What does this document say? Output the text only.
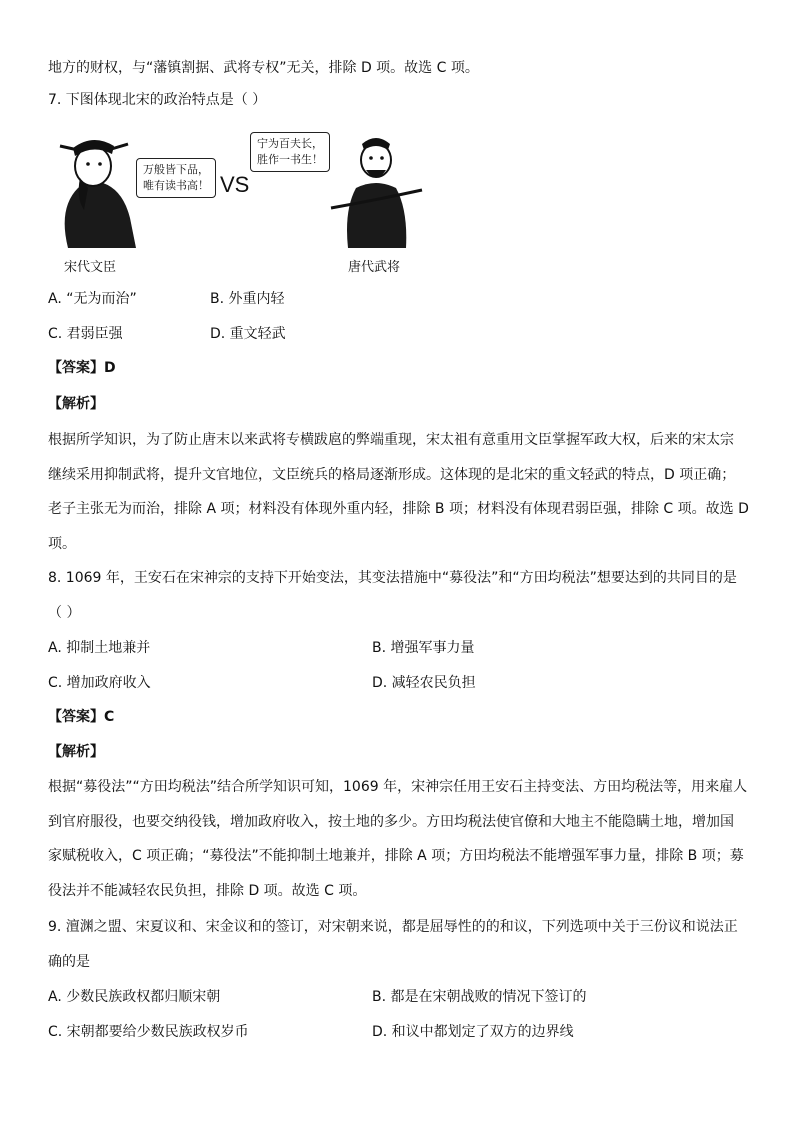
地方的财权，与“藩镇割据、武将专权”无关，排除 D 项。故选 C 项。
7. 下图体现北宋的政治特点是（ ）
万般皆下品，
唯有读书高！ VS
宁为百夫长，
胜作一书生！
宋代文臣	唐代武将
A. “无为而治”	B. 外重内轻
C. 君弱臣强	D. 重文轻武
【答案】D
【解析】
根据所学知识，为了防止唐末以来武将专横跋扈的弊端重现，宋太祖有意重用文臣掌握军政大权，后来的宋太宗
继续采用抑制武将，提升文官地位，文臣统兵的格局逐渐形成。这体现的是北宋的重文轻武的特点，D 项正确；
老子主张无为而治，排除 A 项；材料没有体现外重内轻，排除 B 项；材料没有体现君弱臣强，排除 C 项。故选 D
项。
8. 1069 年，王安石在宋神宗的支持下开始变法，其变法措施中“募役法”和“方田均税法”想要达到的共同目的是
（ ）
A. 抑制土地兼并	B. 增强军事力量
C. 增加政府收入	D. 减轻农民负担
【答案】C
【解析】
根据“募役法”“方田均税法”结合所学知识可知，1069 年，宋神宗任用王安石主持变法、方田均税法等，用来雇人
到官府服役，也要交纳役钱，增加政府收入，按土地的多少。方田均税法使官僚和大地主不能隐瞒土地，增加国
家赋税收入，C 项正确；“募役法”不能抑制土地兼并，排除 A 项；方田均税法不能增强军事力量，排除 B 项；募
役法并不能减轻农民负担，排除 D 项。故选 C 项。
9. 澶渊之盟、宋夏议和、宋金议和的签订，对宋朝来说，都是屈辱性的的和议，下列选项中关于三份议和说法正
确的是
A. 少数民族政权都归顺宋朝	B. 都是在宋朝战败的情况下签订的
C. 宋朝都要给少数民族政权岁币	D. 和议中都划定了双方的边界线
